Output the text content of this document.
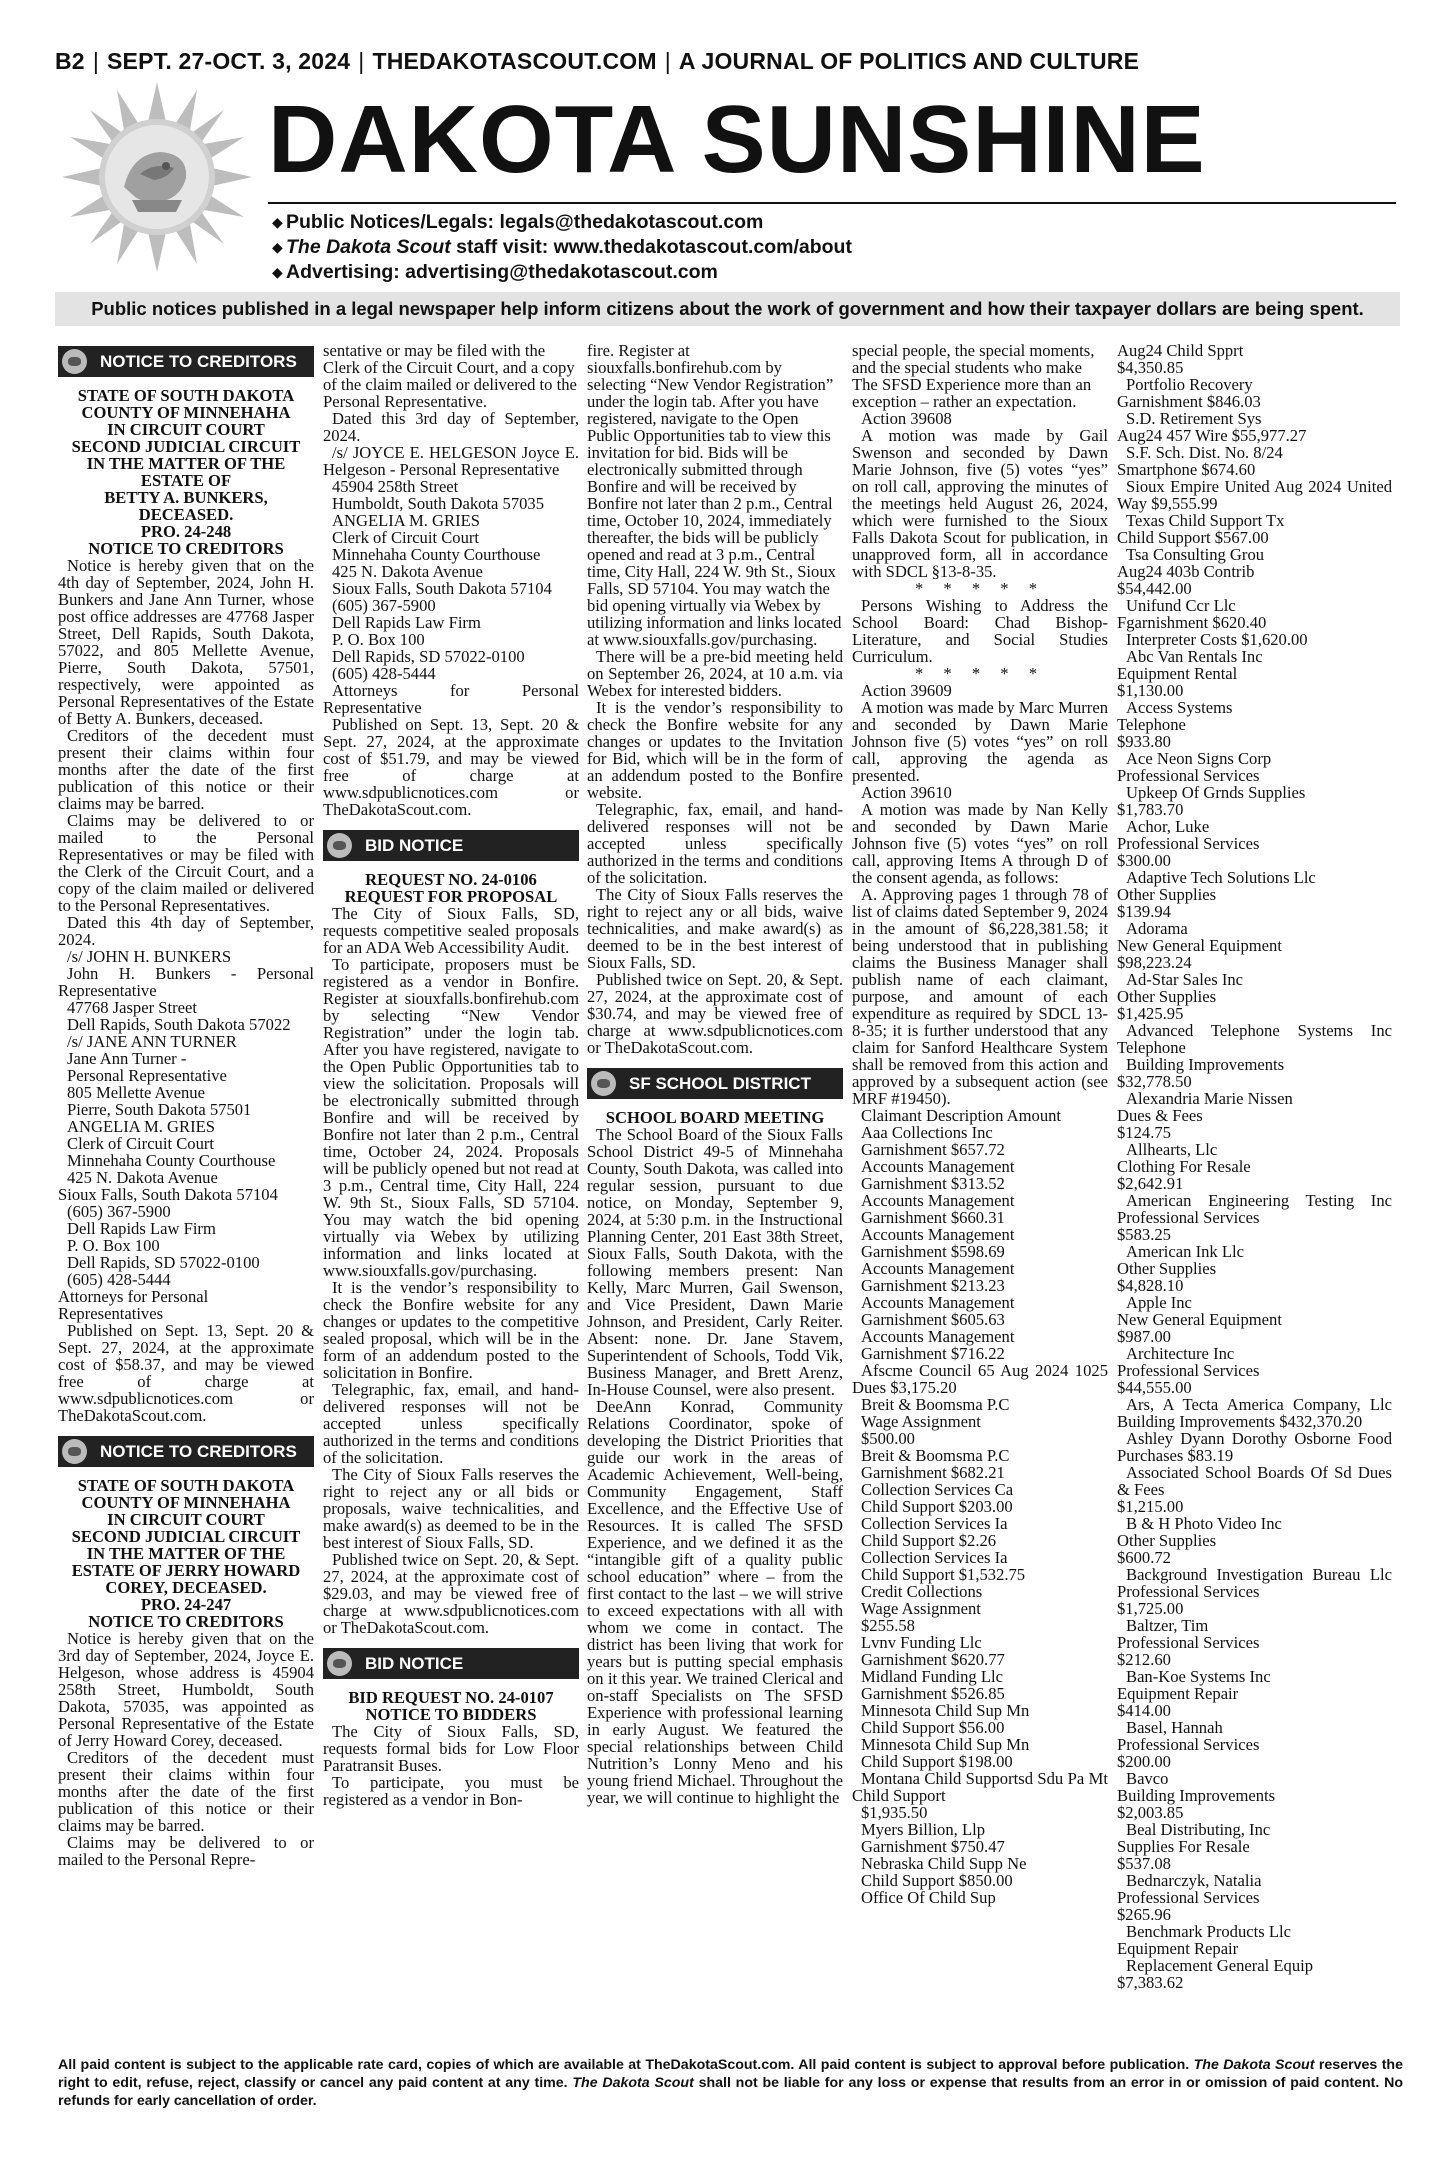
B2 | SEPT. 27-OCT. 3, 2024 | THEDAKOTASCOUT.COM | A JOURNAL OF POLITICS AND CULTURE
DAKOTA SUNSHINE
◆ Public Notices/Legals: legals@thedakotascout.com
◆ The Dakota Scout staff visit: www.thedakotascout.com/about
◆ Advertising: advertising@thedakotascout.com
Public notices published in a legal newspaper help inform citizens about the work of government and how their taxpayer dollars are being spent.
NOTICE TO CREDITORS

STATE OF SOUTH DAKOTA

COUNTY OF MINNEHAHA

IN CIRCUIT COURT

SECOND JUDICIAL CIRCUIT

IN THE MATTER OF THE ESTATE OF

BETTY A. BUNKERS, DECEASED.

PRO. 24-248

NOTICE TO CREDITORS

Notice is hereby given that on the 4th day of September, 2024, John H. Bunkers and Jane Ann Turner, whose post office addresses are 47768 Jasper Street, Dell Rapids, South Dakota, 57022, and 805 Mellette Avenue, Pierre, South Dakota, 57501, respectively, were appointed as Personal Representatives of the Estate of Betty A. Bunkers, deceased.

Creditors of the decedent must present their claims within four months after the date of the first publication of this notice or their claims may be barred.

Claims may be delivered to or mailed to the Personal Representatives or may be filed with the Clerk of the Circuit Court, and a copy of the claim mailed or delivered to the Personal Representatives.

Dated this 4th day of September, 2024.

/s/ JOHN H. BUNKERS

John H. Bunkers - Personal Representative

47768 Jasper Street

Dell Rapids, South Dakota 57022

/s/ JANE ANN TURNER

Jane Ann Turner -

Personal Representative

805 Mellette Avenue

Pierre, South Dakota 57501

ANGELIA M. GRIES

Clerk of Circuit Court

Minnehaha County Courthouse

425 N. Dakota Avenue

Sioux Falls, South Dakota 57104

(605) 367-5900

Dell Rapids Law Firm

P. O. Box 100

Dell Rapids, SD 57022-0100

(605) 428-5444

Attorneys for Personal Representatives

Published on Sept. 13, Sept. 20 & Sept. 27, 2024, at the approximate cost of $58.37, and may be viewed free of charge at www.sdpublicnotices.com or TheDakotaScout.com.

NOTICE TO CREDITORS

STATE OF SOUTH DAKOTA

COUNTY OF MINNEHAHA

IN CIRCUIT COURT

SECOND JUDICIAL CIRCUIT

IN THE MATTER OF THE ESTATE OF JERRY HOWARD COREY, DECEASED.

PRO. 24-247

NOTICE TO CREDITORS

Notice is hereby given that on the 3rd day of September, 2024, Joyce E. Helgeson, whose address is 45904 258th Street, Humboldt, South Dakota, 57035, was appointed as Personal Representative of the Estate of Jerry Howard Corey, deceased.

Creditors of the decedent must present their claims within four months after the date of the first publication of this notice or their claims may be barred.

Claims may be delivered to or mailed to the Personal Repre-

sentative or may be filed with the Clerk of the Circuit Court, and a copy of the claim mailed or delivered to the Personal Representative.

Dated this 3rd day of September, 2024.

/s/ JOYCE E. HELGESON Joyce E. Helgeson - Personal Representative

45904 258th Street

Humboldt, South Dakota 57035

ANGELIA M. GRIES

Clerk of Circuit Court

Minnehaha County Courthouse

425 N. Dakota Avenue

Sioux Falls, South Dakota 57104

(605) 367-5900

Dell Rapids Law Firm

P. O. Box 100

Dell Rapids, SD 57022-0100

(605) 428-5444

Attorneys for Personal Representative

Published on Sept. 13, Sept. 20 & Sept. 27, 2024, at the approximate cost of $51.79, and may be viewed free of charge at www.sdpublicnotices.com or TheDakotaScout.com.

BID NOTICE

REQUEST NO. 24-0106

REQUEST FOR PROPOSAL

The City of Sioux Falls, SD, requests competitive sealed proposals for an ADA Web Accessibility Audit.

To participate, proposers must be registered as a vendor in Bonfire. Register at siouxfalls.bonfirehub.com by selecting “New Vendor Registration” under the login tab. After you have registered, navigate to the Open Public Opportunities tab to view the solicitation. Proposals will be electronically submitted through Bonfire and will be received by Bonfire not later than 2 p.m., Central time, October 24, 2024. Proposals will be publicly opened but not read at 3 p.m., Central time, City Hall, 224 W. 9th St., Sioux Falls, SD 57104. You may watch the bid opening virtually via Webex by utilizing information and links located at www.siouxfalls.gov/purchasing.

It is the vendor’s responsibility to check the Bonfire website for any changes or updates to the competitive sealed proposal, which will be in the form of an addendum posted to the solicitation in Bonfire.

Telegraphic, fax, email, and hand-delivered responses will not be accepted unless specifically authorized in the terms and conditions of the solicitation.

The City of Sioux Falls reserves the right to reject any or all bids or proposals, waive technicalities, and make award(s) as deemed to be in the best interest of Sioux Falls, SD.

Published twice on Sept. 20, & Sept. 27, 2024, at the approximate cost of $29.03, and may be viewed free of charge at www.sdpublicnotices.com or TheDakotaScout.com.

BID NOTICE

BID REQUEST NO. 24-0107

NOTICE TO BIDDERS

The City of Sioux Falls, SD, requests formal bids for Low Floor Paratransit Buses.

To participate, you must be registered as a vendor in Bon-

fire. Register at siouxfalls.bonfirehub.com by selecting “New Vendor Registration” under the login tab. After you have registered, navigate to the Open Public Opportunities tab to view this invitation for bid. Bids will be electronically submitted through Bonfire and will be received by Bonfire not later than 2 p.m., Central time, October 10, 2024, immediately thereafter, the bids will be publicly opened and read at 3 p.m., Central time, City Hall, 224 W. 9th St., Sioux Falls, SD 57104. You may watch the bid opening virtually via Webex by utilizing information and links located at www.siouxfalls.gov/purchasing.

There will be a pre-bid meeting held on September 26, 2024, at 10 a.m. via Webex for interested bidders.

It is the vendor’s responsibility to check the Bonfire website for any changes or updates to the Invitation for Bid, which will be in the form of an addendum posted to the Bonfire website.

Telegraphic, fax, email, and hand-delivered responses will not be accepted unless specifically authorized in the terms and conditions of the solicitation.

The City of Sioux Falls reserves the right to reject any or all bids, waive technicalities, and make award(s) as deemed to be in the best interest of Sioux Falls, SD.

Published twice on Sept. 20, & Sept. 27, 2024, at the approximate cost of $30.74, and may be viewed free of charge at www.sdpublicnotices.com or TheDakotaScout.com.

SF SCHOOL DISTRICT

SCHOOL BOARD MEETING

The School Board of the Sioux Falls School District 49-5 of Minnehaha County, South Dakota, was called into regular session, pursuant to due notice, on Monday, September 9, 2024, at 5:30 p.m. in the Instructional Planning Center, 201 East 38th Street, Sioux Falls, South Dakota, with the following members present: Nan Kelly, Marc Murren, Gail Swenson, and Vice President, Dawn Marie Johnson, and President, Carly Reiter. Absent: none. Dr. Jane Stavem, Superintendent of Schools, Todd Vik, Business Manager, and Brett Arenz, In-House Counsel, were also present.

DeeAnn Konrad, Community Relations Coordinator, spoke of developing the District Priorities that guide our work in the areas of Academic Achievement, Well-being, Community Engagement, Staff Excellence, and the Effective Use of Resources. It is called The SFSD Experience, and we defined it as the “intangible gift of a quality public school education” where – from the first contact to the last – we will strive to exceed expectations with all with whom we come in contact. The district has been living that work for years but is putting special emphasis on it this year. We trained Clerical and on-staff Specialists on The SFSD Experience with professional learning in early August. We featured the special relationships between Child Nutrition’s Lonny Meno and his young friend Michael. Throughout the year, we will continue to highlight the

special people, the special moments, and the special students who make The SFSD Experience more than an exception – rather an expectation.

Action 39608

A motion was made by Gail Swenson and seconded by Dawn Marie Johnson, five (5) votes “yes” on roll call, approving the minutes of the meetings held August 26, 2024, which were furnished to the Sioux Falls Dakota Scout for publication, in unapproved form, all in accordance with SDCL §13-8-35.

* * * * *

Persons Wishing to Address the School Board: Chad Bishop- Literature, and Social Studies Curriculum.

* * * * *

Action 39609

A motion was made by Marc Murren and seconded by Dawn Marie Johnson five (5) votes “yes” on roll call, approving the agenda as presented.

Action 39610

A motion was made by Nan Kelly and seconded by Dawn Marie Johnson five (5) votes “yes” on roll call, approving Items A through D of the consent agenda, as follows:

A. Approving pages 1 through 78 of list of claims dated September 9, 2024 in the amount of $6,228,381.58; it being understood that in publishing claims the Business Manager shall publish name of each claimant, purpose, and amount of each expenditure as required by SDCL 13-8-35; it is further understood that any claim for Sanford Healthcare System shall be removed from this action and approved by a subsequent action (see MRF #19450).

Claimant Description Amount

Aaa Collections Inc

Garnishment $657.72

Accounts Management

Garnishment $313.52

Accounts Management

Garnishment $660.31

Accounts Management

Garnishment $598.69

Accounts Management

Garnishment $213.23

Accounts Management

Garnishment $605.63

Accounts Management

Garnishment $716.22

Afscme Council 65 Aug 2024 1025 Dues $3,175.20

Breit & Boomsma P.C

Wage Assignment

$500.00

Breit & Boomsma P.C

Garnishment $682.21

Collection Services Ca

Child Support $203.00

Collection Services Ia

Child Support $2.26

Collection Services Ia

Child Support $1,532.75

Credit Collections

Wage Assignment

$255.58

Lvnv Funding Llc

Garnishment $620.77

Midland Funding Llc

Garnishment $526.85

Minnesota Child Sup Mn

Child Support $56.00

Minnesota Child Sup Mn

Child Support $198.00

Montana Child Supportsd Sdu Pa Mt Child Support

$1,935.50

Myers Billion, Llp

Garnishment $750.47

Nebraska Child Supp Ne

Child Support $850.00

Office Of Child Sup

Aug24 Child Spprt

$4,350.85

Portfolio Recovery

Garnishment $846.03

S.D. Retirement Sys

Aug24 457 Wire $55,977.27

S.F. Sch. Dist. No. 8/24

Smartphone $674.60

Sioux Empire United Aug 2024 United Way $9,555.99

Texas Child Support Tx

Child Support $567.00

Tsa Consulting Grou

Aug24 403b Contrib

$54,442.00

Unifund Ccr Llc

Fgarnishment $620.40

Interpreter Costs $1,620.00

Abc Van Rentals Inc

Equipment Rental

$1,130.00

Access Systems

Telephone

$933.80

Ace Neon Signs Corp

Professional Services

Upkeep Of Grnds Supplies

$1,783.70

Achor, Luke

Professional Services

$300.00

Adaptive Tech Solutions Llc

Other Supplies

$139.94

Adorama

New General Equipment

$98,223.24

Ad-Star Sales Inc

Other Supplies

$1,425.95

Advanced Telephone Systems Inc Telephone

Building Improvements

$32,778.50

Alexandria Marie Nissen

Dues & Fees

$124.75

Allhearts, Llc

Clothing For Resale

$2,642.91

American Engineering Testing Inc Professional Services

$583.25

American Ink Llc

Other Supplies

$4,828.10

Apple Inc

New General Equipment

$987.00

Architecture Inc

Professional Services

$44,555.00

Ars, A Tecta America Company, Llc Building Improvements $432,370.20

Ashley Dyann Dorothy Osborne Food Purchases $83.19

Associated School Boards Of Sd Dues & Fees

$1,215.00

B & H Photo Video Inc

Other Supplies

$600.72

Background Investigation Bureau Llc Professional Services

$1,725.00

Baltzer, Tim

Professional Services

$212.60

Ban-Koe Systems Inc

Equipment Repair

$414.00

Basel, Hannah

Professional Services

$200.00

Bavco

Building Improvements

$2,003.85

Beal Distributing, Inc

Supplies For Resale

$537.08

Bednarczyk, Natalia

Professional Services

$265.96

Benchmark Products Llc

Equipment Repair

Replacement General Equip

$7,383.62

All paid content is subject to the applicable rate card, copies of which are available at TheDakotaScout.com. All paid content is subject to approval before publication. The Dakota Scout reserves the right to edit, refuse, reject, classify or cancel any paid content at any time. The Dakota Scout shall not be liable for any loss or expense that results from an error in or omission of paid content. No refunds for early cancellation of order.
